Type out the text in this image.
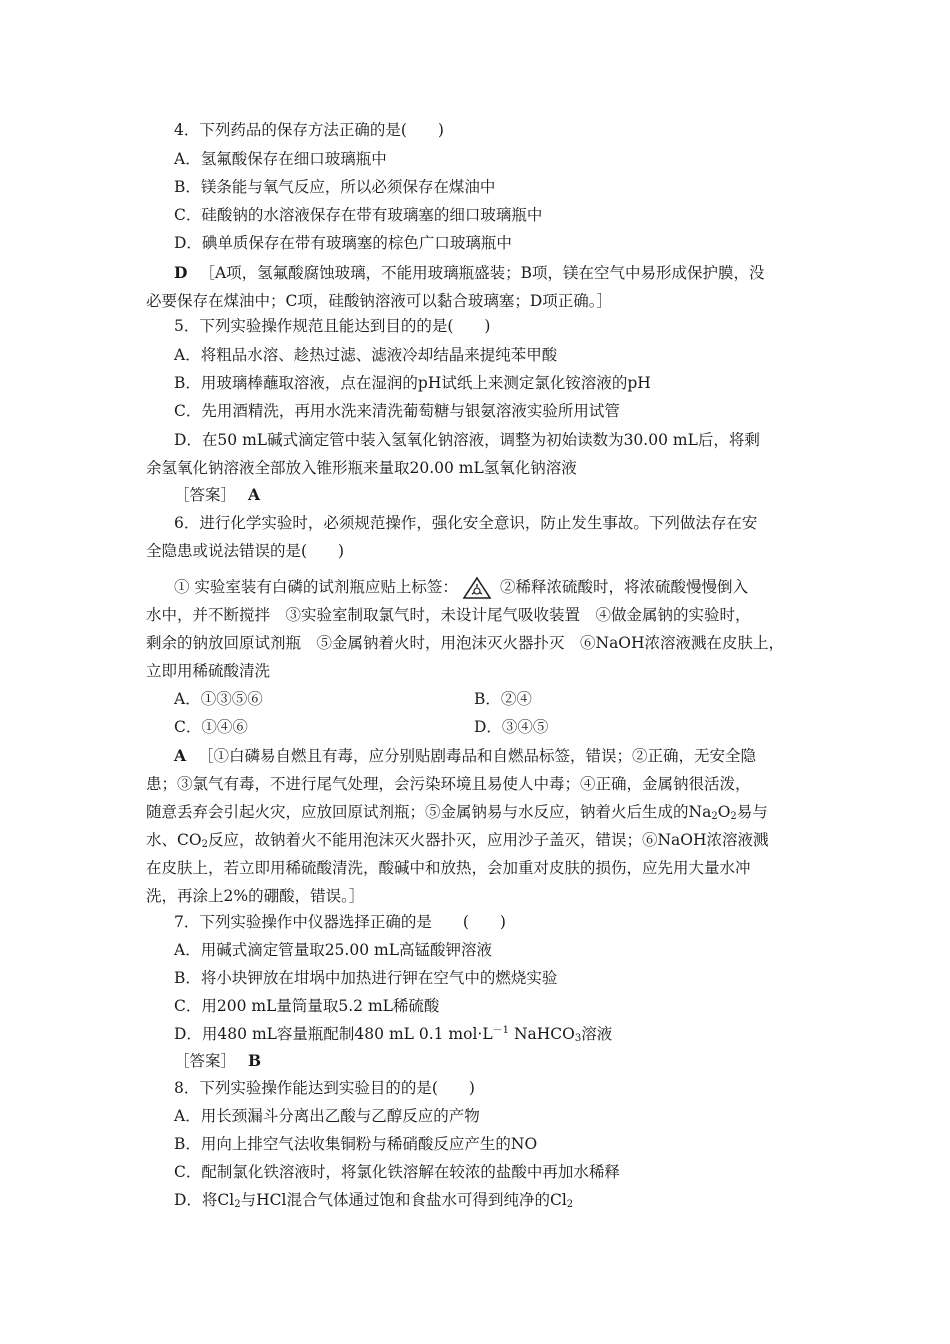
4．下列药品的保存方法正确的是(　　)
A．氢氟酸保存在细口玻璃瓶中
B．镁条能与氧气反应，所以必须保存在煤油中
C．硅酸钠的水溶液保存在带有玻璃塞的细口玻璃瓶中
D．碘单质保存在带有玻璃塞的棕色广口玻璃瓶中
D ［A项，氢氟酸腐蚀玻璃，不能用玻璃瓶盛装；B项，镁在空气中易形成保护膜，没
必要保存在煤油中；C项，硅酸钠溶液可以黏合玻璃塞；D项正确。］
5．下列实验操作规范且能达到目的的是(　　)
A．将粗品水溶、趁热过滤、滤液冷却结晶来提纯苯甲酸
B．用玻璃棒蘸取溶液，点在湿润的pH试纸上来测定氯化铵溶液的pH
C．先用酒精洗，再用水洗来清洗葡萄糖与银氨溶液实验所用试管
D．在50 mL碱式滴定管中装入氢氧化钠溶液，调整为初始读数为30.00 mL后，将剩
余氢氧化钠溶液全部放入锥形瓶来量取20.00 mL氢氧化钠溶液
［答案］ A
6．进行化学实验时，必须规范操作，强化安全意识，防止发生事故。下列做法存在安
全隐患或说法错误的是(　　)
① 实验室装有白磷的试剂瓶应贴上标签：	②稀释浓硫酸时，将浓硫酸慢慢倒入
水中，并不断搅拌　③实验室制取氯气时，未设计尾气吸收装置　④做金属钠的实验时，
剩余的钠放回原试剂瓶　⑤金属钠着火时，用泡沫灭火器扑灭　⑥NaOH浓溶液溅在皮肤上，
立即用稀硫酸清洗
A．①③⑤⑥	B．②④
C．①④⑥	D．③④⑤
A ［①白磷易自燃且有毒，应分别贴剧毒品和自燃品标签，错误；②正确，无安全隐
患；③氯气有毒，不进行尾气处理，会污染环境且易使人中毒；④正确，金属钠很活泼，
随意丢弃会引起火灾，应放回原试剂瓶；⑤金属钠易与水反应，钠着火后生成的$Na_2O_2$易与
水、$CO_2$反应，故钠着火不能用泡沫灭火器扑灭，应用沙子盖灭，错误；⑥NaOH浓溶液溅
在皮肤上，若立即用稀硫酸清洗，酸碱中和放热，会加重对皮肤的损伤，应先用大量水冲
洗，再涂上2%的硼酸，错误。］
7．下列实验操作中仪器选择正确的是　　(　　)
A．用碱式滴定管量取25.00 mL高锰酸钾溶液
B．将小块钾放在坩埚中加热进行钾在空气中的燃烧实验
C．用200 mL量筒量取5.2 mL稀硫酸
D．用480 mL容量瓶配制480 mL 0.1 $mol\cdot L^{-1}$ NaHCO$_3$溶液
［答案］ B
8．下列实验操作能达到实验目的的是(　　)
A．用长颈漏斗分离出乙酸与乙醇反应的产物
B．用向上排空气法收集铜粉与稀硝酸反应产生的NO
C．配制氯化铁溶液时，将氯化铁溶解在较浓的盐酸中再加水稀释
D．将$Cl_2$与HCl混合气体通过饱和食盐水可得到纯净的$Cl_2$
